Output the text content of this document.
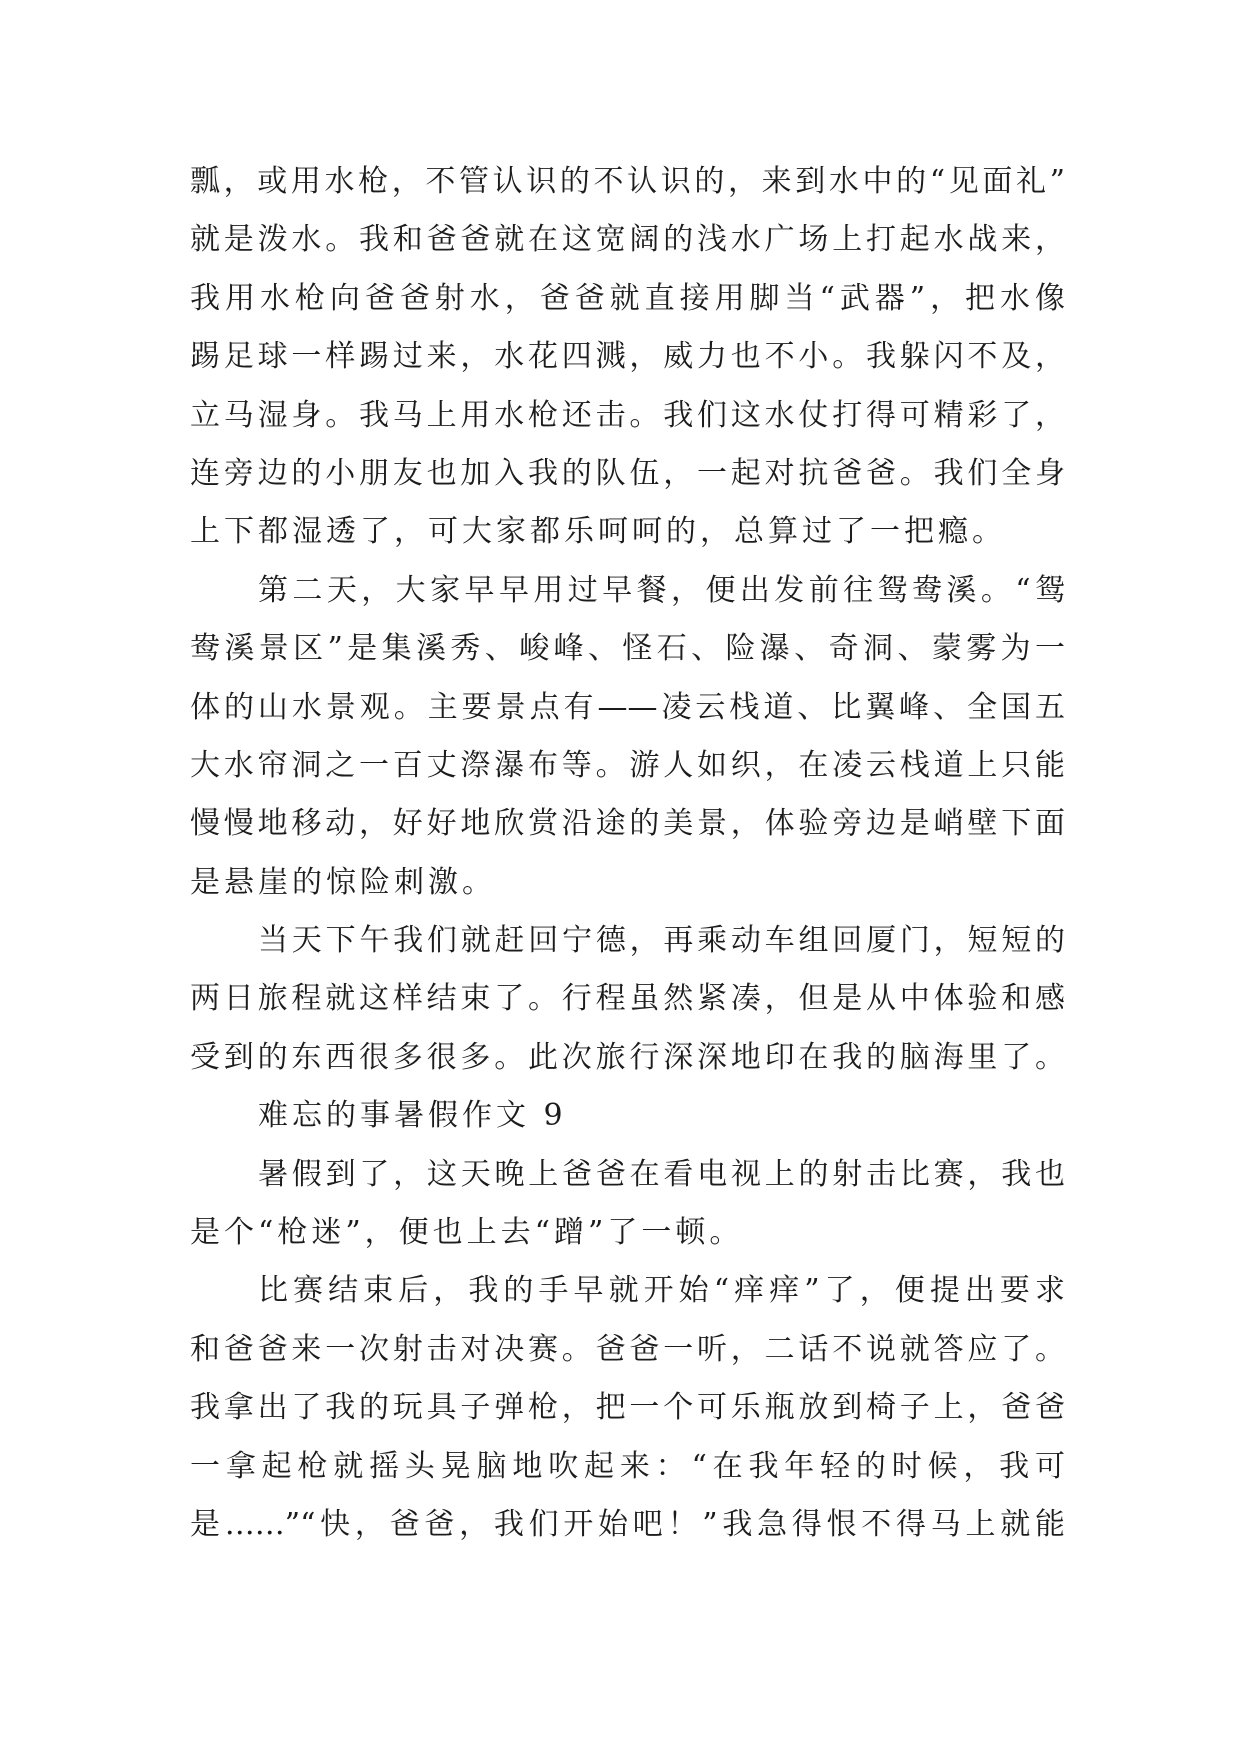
瓢，或用水枪，不管认识的不认识的，来到水中的“见面礼”
就是泼水。我和爸爸就在这宽阔的浅水广场上打起水战来，
我用水枪向爸爸射水，爸爸就直接用脚当“武器”，把水像
踢足球一样踢过来，水花四溅，威力也不小。我躲闪不及，
立马湿身。我马上用水枪还击。我们这水仗打得可精彩了，
连旁边的小朋友也加入我的队伍，一起对抗爸爸。我们全身
上下都湿透了，可大家都乐呵呵的，总算过了一把瘾。
第二天，大家早早用过早餐，便出发前往鸳鸯溪。“鸳
鸯溪景区”是集溪秀、峻峰、怪石、险瀑、奇洞、蒙雾为一
体的山水景观。主要景点有——凌云栈道、比翼峰、全国五
大水帘洞之一百丈漈瀑布等。游人如织，在凌云栈道上只能
慢慢地移动，好好地欣赏沿途的美景，体验旁边是峭壁下面
是悬崖的惊险刺激。
当天下午我们就赶回宁德，再乘动车组回厦门，短短的
两日旅程就这样结束了。行程虽然紧凑，但是从中体验和感
受到的东西很多很多。此次旅行深深地印在我的脑海里了。
难忘的事暑假作文 9
暑假到了，这天晚上爸爸在看电视上的射击比赛，我也
是个“枪迷”，便也上去“蹭”了一顿。
比赛结束后，我的手早就开始“痒痒”了，便提出要求
和爸爸来一次射击对决赛。爸爸一听，二话不说就答应了。
我拿出了我的玩具子弹枪，把一个可乐瓶放到椅子上，爸爸
一拿起枪就摇头晃脑地吹起来：“在我年轻的时候，我可
是……”“快，爸爸，我们开始吧！”我急得恨不得马上就能
